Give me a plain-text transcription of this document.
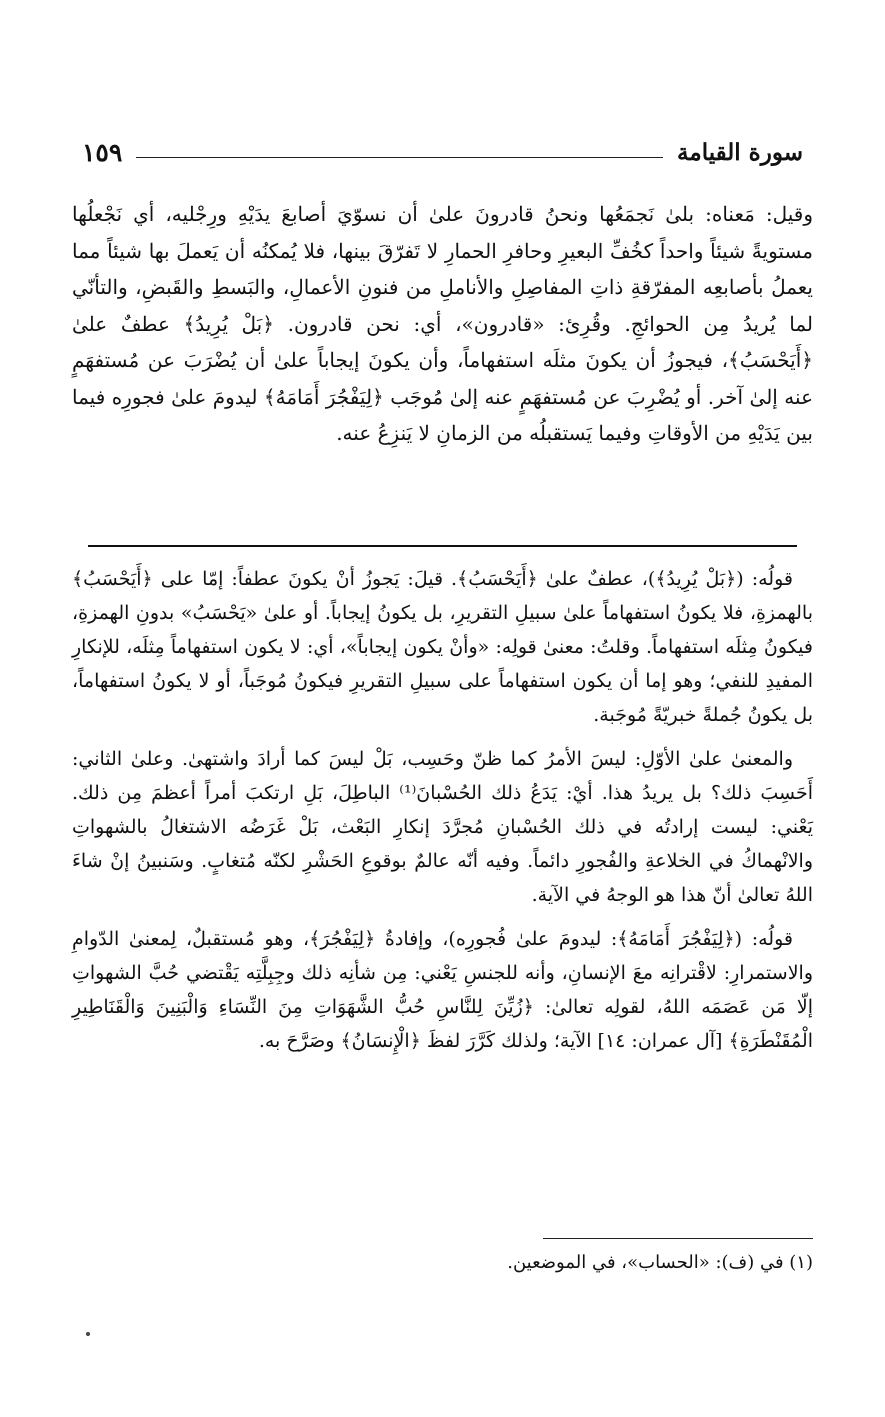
سورة القيامة
١٥٩
وقيل: مَعناه: بلىٰ نَجمَعُها ونحنُ قادرونَ علىٰ أن نسوّيَ أصابعَ يدَيْهِ ورِجْليه، أي نَجْعلُها مستويةً شيئاً واحداً كخُفِّ البعيرِ وحافرِ الحمارِ لا تَفرّقَ بينها، فلا يُمكنُه أن يَعملَ بها شيئاً مما يعملُ بأصابعِه المفرّقةِ ذاتِ المفاصِلِ والأناملِ من فنونِ الأعمالِ، والبَسطِ والقَبضِ، والتأنّي لما يُريدُ مِن الحوائجِ. وقُرِئ: «قادرون»، أي: نحن قادرون. ﴿بَلْ يُرِيدُ﴾ عطفٌ علىٰ ﴿أَيَحْسَبُ﴾، فيجوزُ أن يكونَ مثلَه استفهاماً، وأن يكونَ إيجاباً علىٰ أن يُضْرَبَ عن مُستفهَمٍ عنه إلىٰ آخر. أو يُضْرِبَ عن مُستفهَمٍ عنه إلىٰ مُوجَب ﴿لِيَفْجُرَ أَمَامَهُ﴾ ليدومَ علىٰ فجورِه فيما بين يَدَيْهِ من الأوقاتِ وفيما يَستقبلُه من الزمانِ لا يَنزِعُ عنه.

قولُه: (﴿بَلْ يُرِيدُ﴾)، عطفٌ علىٰ ﴿أَيَحْسَبُ﴾. قيلَ: يَجوزُ أنْ يكونَ عطفاً: إمّا على ﴿أَيَحْسَبُ﴾ بالهمزةِ، فلا يكونُ استفهاماً علىٰ سبيلِ التقريرِ، بل يكونُ إيجاباً. أو علىٰ «يَحْسَبُ» بدونِ الهمزةِ، فيكونُ مِثلَه استفهاماً. وقلتُ: معنىٰ قولِه: «وأنْ يكون إيجاباً»، أي: لا يكون استفهاماً مِثلَه، للإنكارِ المفيدِ للنفي؛ وهو إما أن يكون استفهاماً على سبيلِ التقريرِ فيكونُ مُوجَباً، أو لا يكونُ استفهاماً، بل يكونُ جُملةً خبريّةً مُوجَبة.

والمعنىٰ علىٰ الأوّلِ: ليسَ الأمرُ كما ظنّ وحَسِب، بَلْ ليسَ كما أرادَ واشتهىٰ. وعلىٰ الثاني: أَحَسِبَ ذلك؟ بل يريدُ هذا. أيْ: يَدَعُ ذلك الحُسْبانَ⁽¹⁾ الباطِلَ، بَلِ ارتكبَ أمراً أعظمَ مِن ذلك. يَعْني: ليست إرادتُه في ذلك الحُسْبانِ مُجرَّدَ إنكارِ البَعْث، بَلْ غَرَضُه الاشتغالُ بالشهواتِ والانْهماكُ في الخلاعةِ والفُجورِ دائماً. وفيه أنّه عالمٌ بوقوعِ الحَشْرِ لكنّه مُتغابٍ. وسَنبينُ إنْ شاءَ اللهُ تعالىٰ أنّ هذا هو الوجهُ في الآية.

قولُه: (﴿لِيَفْجُرَ أَمَامَهُ﴾: ليدومَ علىٰ فُجورِه)، وإفادةُ ﴿لِيَفْجُرَ﴾، وهو مُستقبلٌ، لِمعنىٰ الدّوامِ والاستمرارِ: لاقْترانِه معَ الإنسانِ، وأنه للجنسِ يَعْني: مِن شأنِه ذلك وجِبِلَّتِه يَقْتضي حُبَّ الشهواتِ إلّا مَن عَصَمَه اللهُ، لقولِه تعالىٰ: ﴿زُيِّنَ لِلنَّاسِ حُبُّ الشَّهَوَاتِ مِنَ النِّسَاءِ وَالْبَنِينَ وَالْقَنَاطِيرِ الْمُقَنْطَرَةِ﴾ [آل عمران: ١٤] الآية؛ ولذلك كَرَّرَ لفظَ ﴿الْإِنسَانُ﴾ وصَرَّحَ به.

(١) في (ف): «الحساب»، في الموضعين.
